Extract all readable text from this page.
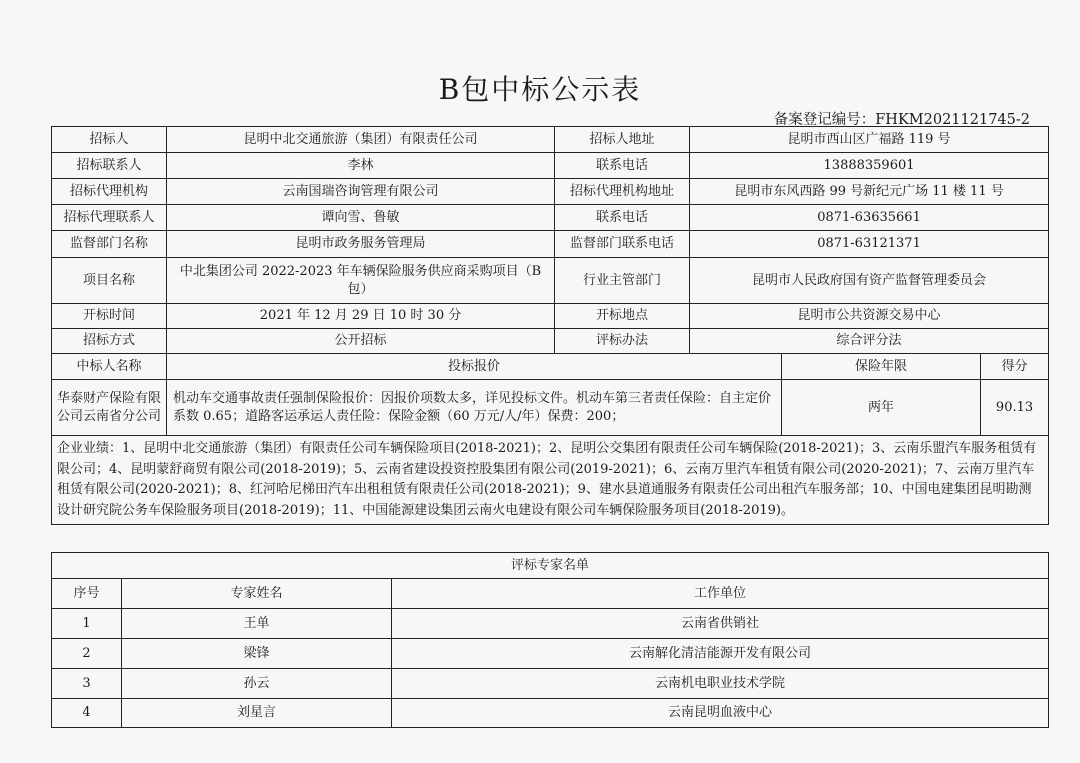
B包中标公示表
备案登记编号：FHKM2021121745-2
招标人	昆明中北交通旅游（集团）有限责任公司	招标人地址	昆明市西山区广福路 119 号		
招标联系人	李林	联系电话	13888359601		
招标代理机构	云南国瑞咨询管理有限公司	招标代理机构地址	昆明市东风西路 99 号新纪元广场 11 楼 11 号		
招标代理联系人	谭向雪、鲁敏	联系电话	0871-63635661		
监督部门名称	昆明市政务服务管理局	监督部门联系电话	0871-63121371		
项目名称	中北集团公司 2022-2023 年车辆保险服务供应商采购项目（B 包）	行业主管部门	昆明市人民政府国有资产监督管理委员会		
开标时间	2021 年 12 月 29 日 10 时 30 分	开标地点	昆明市公共资源交易中心		
招标方式	公开招标	评标办法	综合评分法		
中标人名称	投标报价			保险年限	得分
华泰财产保险有限公司云南省分公司	机动车交通事故责任强制保险报价：因报价项数太多，详见投标文件。机动车第三者责任保险：自主定价系数 0.65；道路客运承运人责任险：保险金额（60 万元/人/年）保费：200；			两年	90.13
企业业绩：1、昆明中北交通旅游（集团）有限责任公司车辆保险项目(2018-2021)；2、昆明公交集团有限责任公司车辆保险(2018-2021)；3、云南乐盟汽车服务租赁有限公司；4、昆明蒙舒商贸有限公司(2018-2019)；5、云南省建设投资控股集团有限公司(2019-2021)；6、云南万里汽车租赁有限公司(2020-2021)；7、云南万里汽车租赁有限公司(2020-2021)；8、红河哈尼梯田汽车出租租赁有限责任公司(2018-2021)；9、建水县道通服务有限责任公司出租汽车服务部；10、中国电建集团昆明勘测设计研究院公务车保险服务项目(2018-2019)；11、中国能源建设集团云南火电建设有限公司车辆保险服务项目(2018-2019)。					
评标专家名单		
序号	专家姓名	工作单位
1	王单	云南省供销社
2	梁锋	云南解化清洁能源开发有限公司
3	孙云	云南机电职业技术学院
4	刘星言	云南昆明血液中心
